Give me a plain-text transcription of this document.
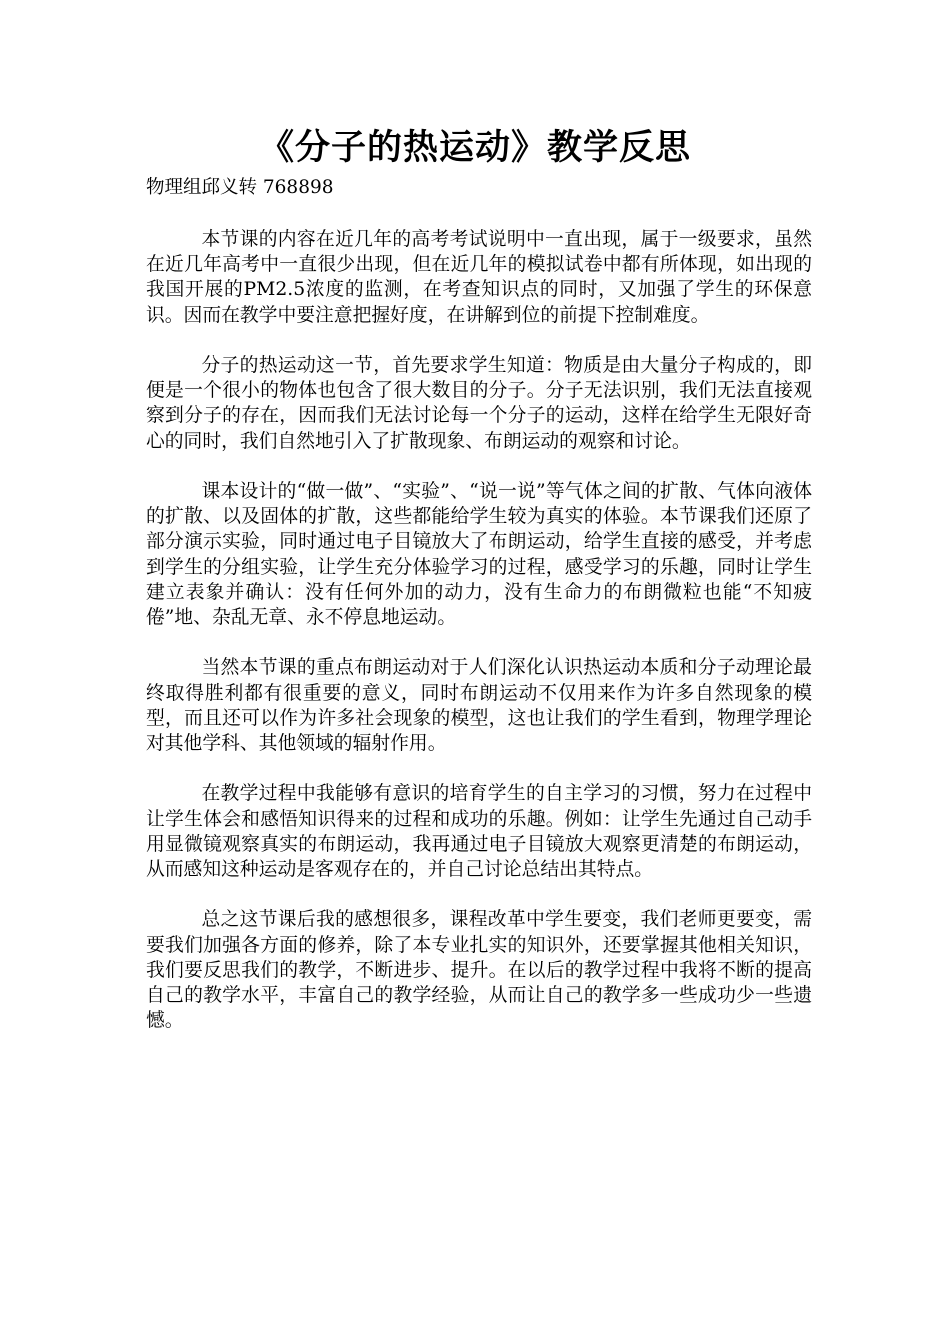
《分子的热运动》教学反思
物理组邱义转 768898

本节课的内容在近几年的高考考试说明中一直出现，属于一级要求，虽然在近几年高考中一直很少出现，但在近几年的模拟试卷中都有所体现，如出现的我国开展的PM2.5浓度的监测，在考查知识点的同时，又加强了学生的环保意识。因而在教学中要注意把握好度，在讲解到位的前提下控制难度。

分子的热运动这一节，首先要求学生知道：物质是由大量分子构成的，即便是一个很小的物体也包含了很大数目的分子。分子无法识别，我们无法直接观察到分子的存在，因而我们无法讨论每一个分子的运动，这样在给学生无限好奇心的同时，我们自然地引入了扩散现象、布朗运动的观察和讨论。

课本设计的“做一做”、“实验”、“说一说”等气体之间的扩散、气体向液体的扩散、以及固体的扩散，这些都能给学生较为真实的体验。本节课我们还原了部分演示实验，同时通过电子目镜放大了布朗运动，给学生直接的感受，并考虑到学生的分组实验，让学生充分体验学习的过程，感受学习的乐趣，同时让学生建立表象并确认：没有任何外加的动力，没有生命力的布朗微粒也能“不知疲倦”地、杂乱无章、永不停息地运动。

当然本节课的重点布朗运动对于人们深化认识热运动本质和分子动理论最终取得胜利都有很重要的意义，同时布朗运动不仅用来作为许多自然现象的模型，而且还可以作为许多社会现象的模型，这也让我们的学生看到，物理学理论对其他学科、其他领域的辐射作用。

在教学过程中我能够有意识的培育学生的自主学习的习惯，努力在过程中让学生体会和感悟知识得来的过程和成功的乐趣。例如：让学生先通过自己动手用显微镜观察真实的布朗运动，我再通过电子目镜放大观察更清楚的布朗运动，从而感知这种运动是客观存在的，并自己讨论总结出其特点。

总之这节课后我的感想很多，课程改革中学生要变，我们老师更要变，需要我们加强各方面的修养，除了本专业扎实的知识外，还要掌握其他相关知识，我们要反思我们的教学，不断进步、提升。在以后的教学过程中我将不断的提高自己的教学水平，丰富自己的教学经验，从而让自己的教学多一些成功少一些遗憾。
